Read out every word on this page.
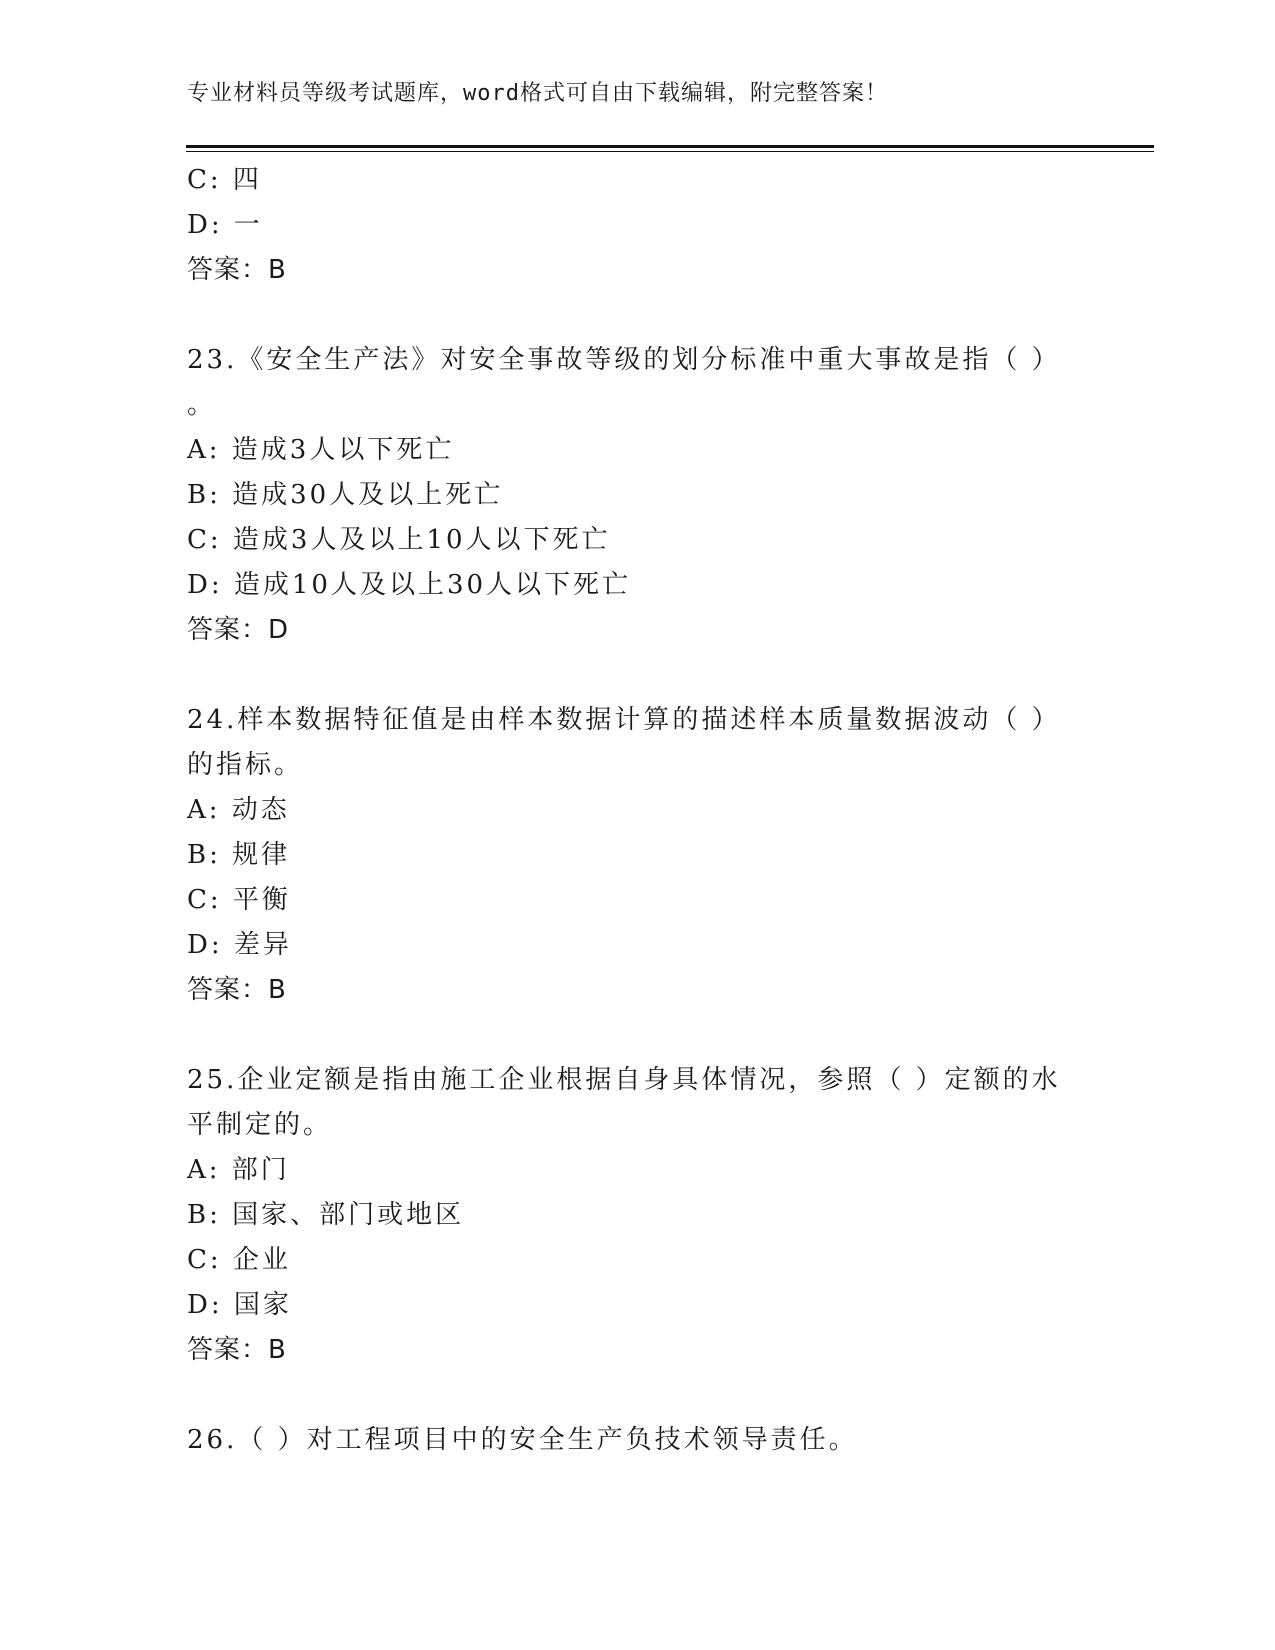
专业材料员等级考试题库，word格式可自由下载编辑，附完整答案！
C: 四
D: 一
答案：B
23.《安全生产法》对安全事故等级的划分标准中重大事故是指（ ）
。
A: 造成3人以下死亡
B: 造成30人及以上死亡
C: 造成3人及以上10人以下死亡
D: 造成10人及以上30人以下死亡
答案：D
24.样本数据特征值是由样本数据计算的描述样本质量数据波动（ ）
的指标。
A: 动态
B: 规律
C: 平衡
D: 差异
答案：B
25.企业定额是指由施工企业根据自身具体情况，参照（ ）定额的水
平制定的。
A: 部门
B: 国家、部门或地区
C: 企业
D: 国家
答案：B
26.（ ）对工程项目中的安全生产负技术领导责任。
